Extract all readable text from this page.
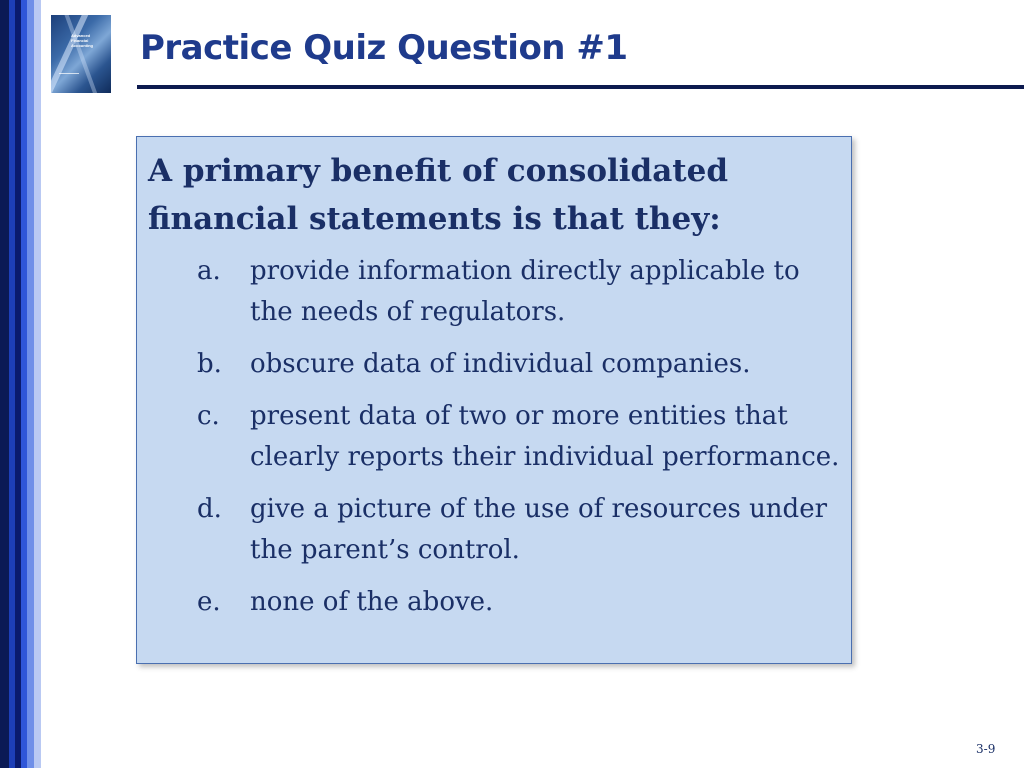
Advanced Financial Accounting	Practice Quiz Question #1

A primary benefit of consolidated financial statements is that they:

a.	provide information directly applicable to the needs of regulators.
b.	obscure data of individual companies.
c.	present data of two or more entities that clearly reports their individual performance.
d.	give a picture of the use of resources under the parent’s control.
e.	none of the above.
3-9
